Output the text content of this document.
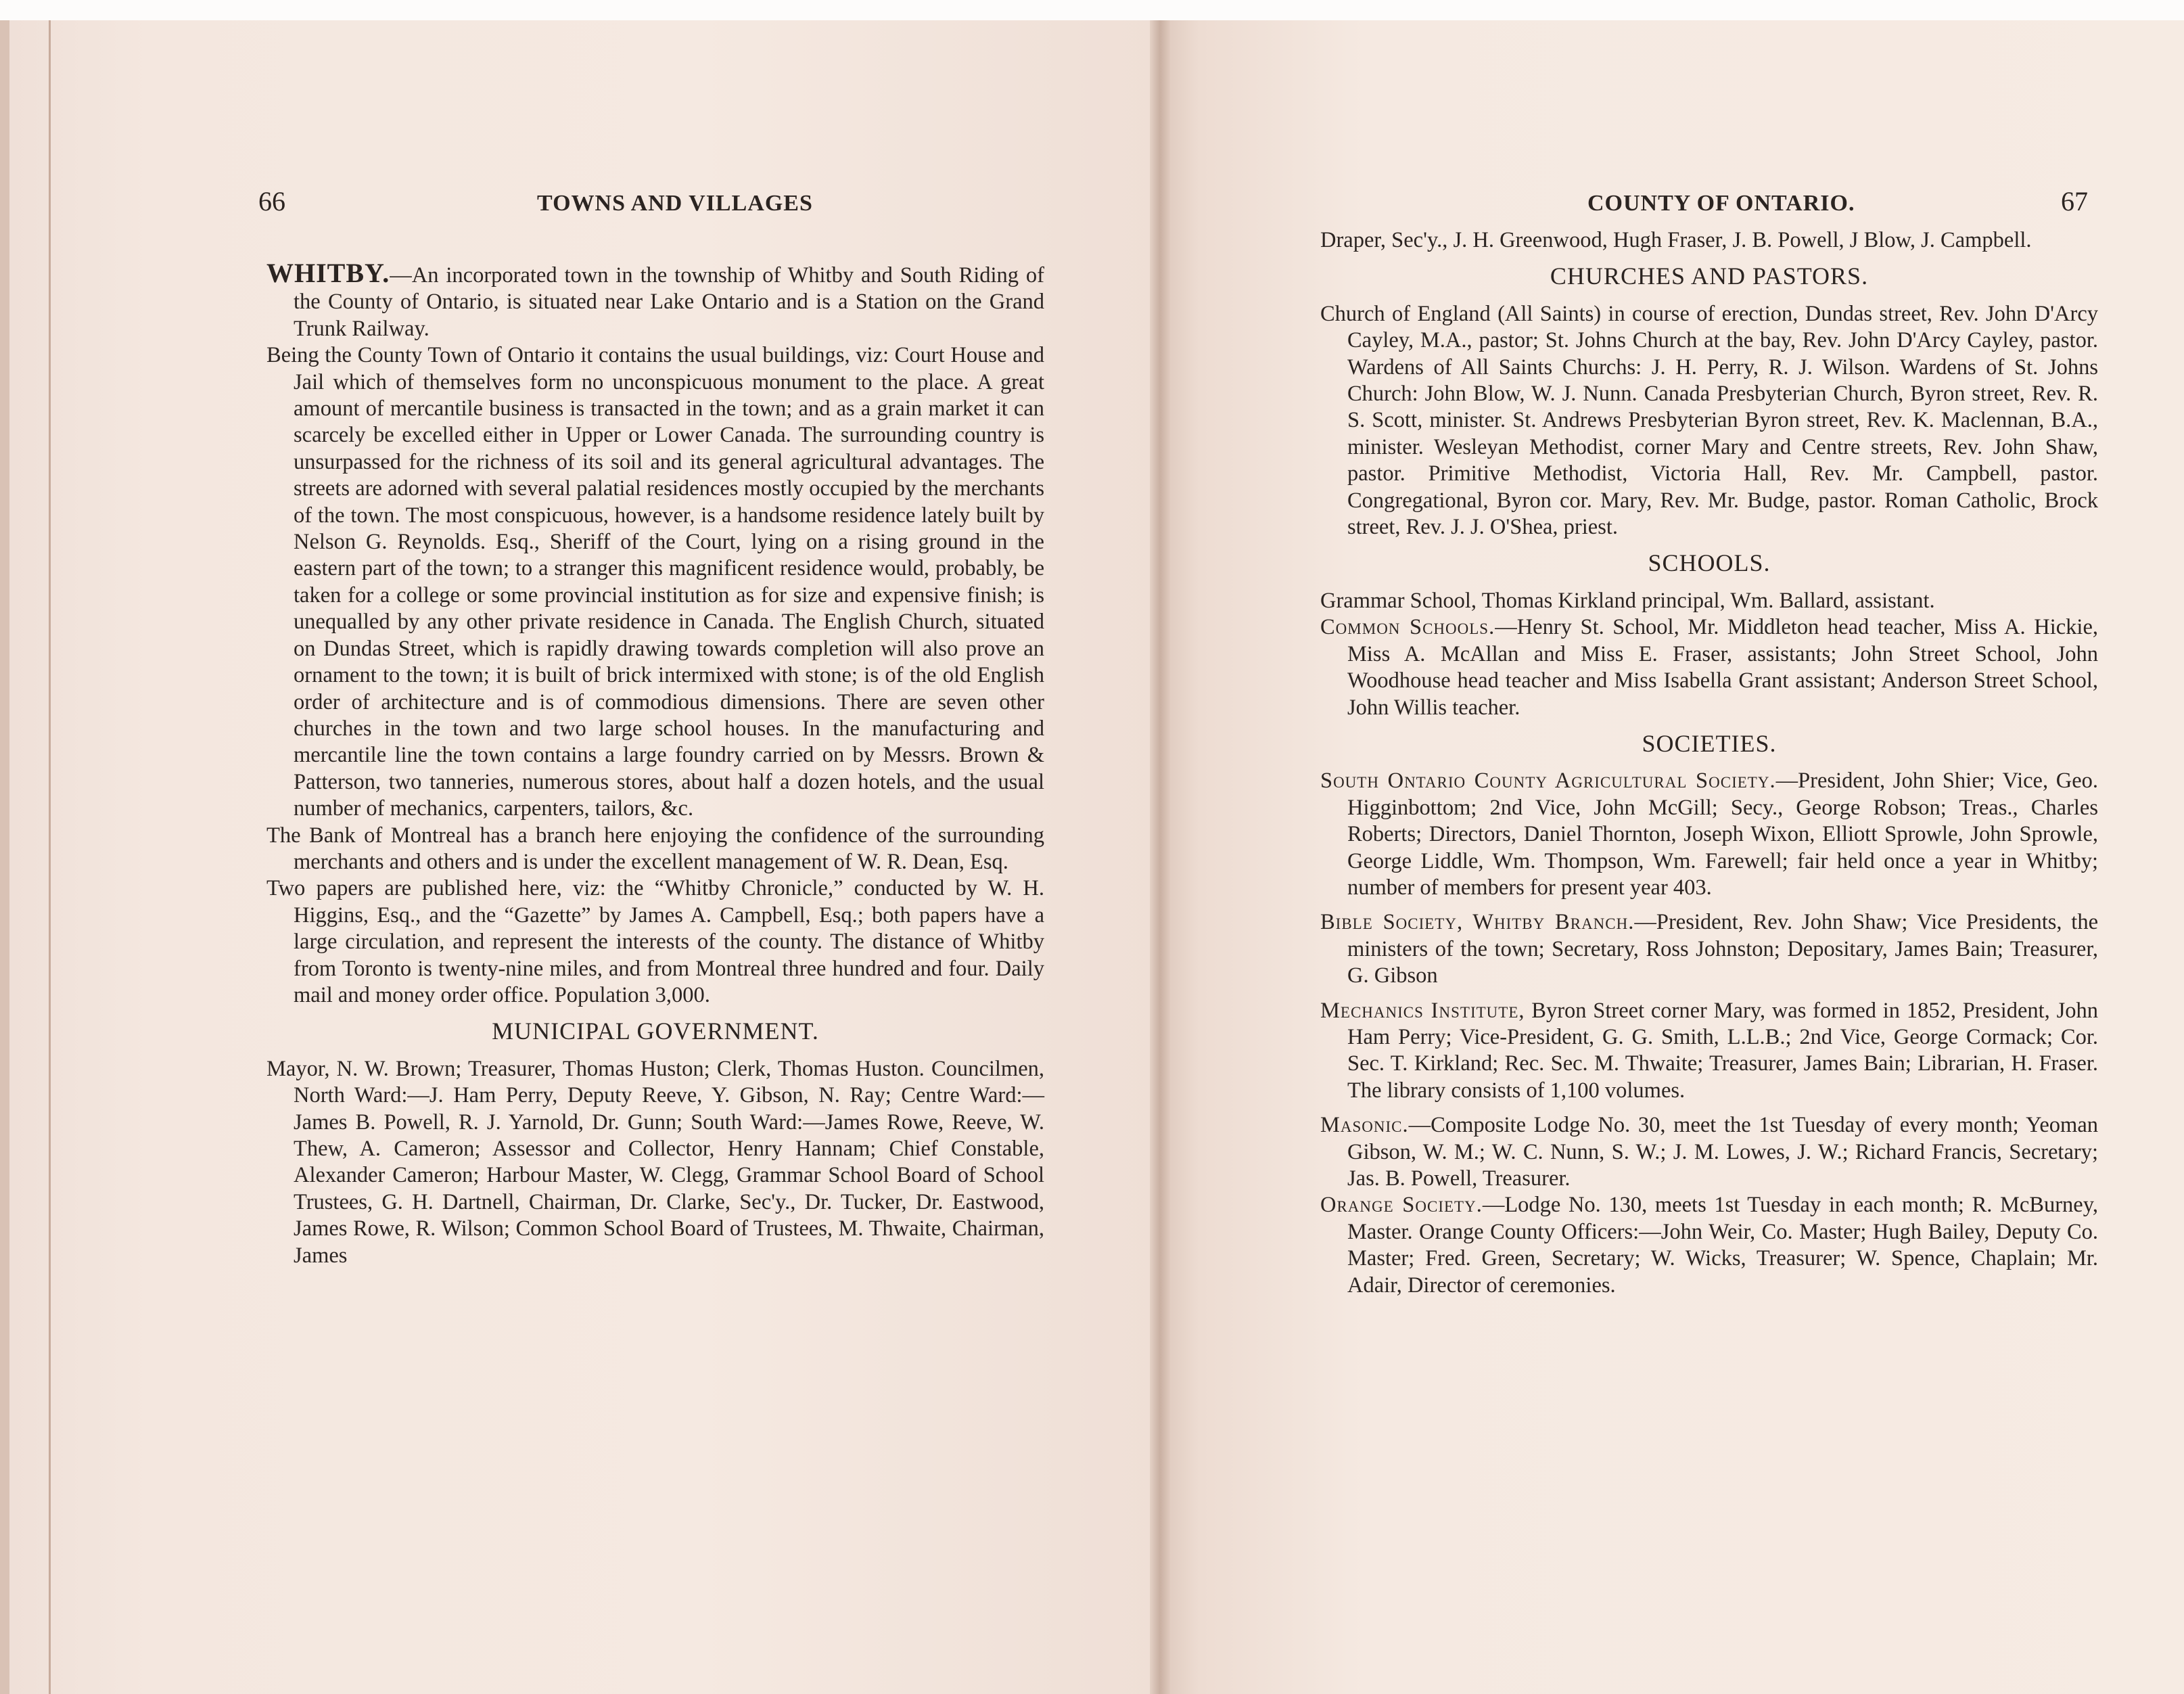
66	TOWNS AND VILLAGES

WHITBY.—An incorporated town in the township of Whitby and South Riding of the County of Ontario, is situated near Lake Ontario and is a Station on the Grand Trunk Railway.

Being the County Town of Ontario it contains the usual buildings, viz: Court House and Jail which of themselves form no unconspicuous monument to the place. A great amount of mercantile business is transacted in the town; and as a grain market it can scarcely be excelled either in Upper or Lower Canada. The surrounding country is unsurpassed for the richness of its soil and its general agricultural advantages. The streets are adorned with several palatial residences mostly occupied by the merchants of the town. The most conspicuous, however, is a handsome residence lately built by Nelson G. Reynolds. Esq., Sheriff of the Court, lying on a rising ground in the eastern part of the town; to a stranger this magnificent residence would, probably, be taken for a college or some provincial institution as for size and expensive finish; is unequalled by any other private residence in Canada. The English Church, situated on Dundas Street, which is rapidly drawing towards completion will also prove an ornament to the town; it is built of brick intermixed with stone; is of the old English order of architecture and is of commodious dimensions. There are seven other churches in the town and two large school houses. In the manufacturing and mercantile line the town contains a large foundry carried on by Messrs. Brown & Patterson, two tanneries, numerous stores, about half a dozen hotels, and the usual number of mechanics, carpenters, tailors, &c.

The Bank of Montreal has a branch here enjoying the confidence of the surrounding merchants and others and is under the excellent management of W. R. Dean, Esq.

Two papers are published here, viz: the “Whitby Chronicle,” conducted by W. H. Higgins, Esq., and the “Gazette” by James A. Campbell, Esq.; both papers have a large circulation, and represent the interests of the county. The distance of Whitby from Toronto is twenty-nine miles, and from Montreal three hundred and four. Daily mail and money order office. Population 3,000.

MUNICIPAL GOVERNMENT.

Mayor, N. W. Brown; Treasurer, Thomas Huston; Clerk, Thomas Huston. Councilmen, North Ward:—J. Ham Perry, Deputy Reeve, Y. Gibson, N. Ray; Centre Ward:—James B. Powell, R. J. Yarnold, Dr. Gunn; South Ward:—James Rowe, Reeve, W. Thew, A. Cameron; Assessor and Collector, Henry Hannam; Chief Constable, Alexander Cameron; Harbour Master, W. Clegg, Grammar School Board of School Trustees, G. H. Dartnell, Chairman, Dr. Clarke, Sec'y., Dr. Tucker, Dr. Eastwood, James Rowe, R. Wilson; Common School Board of Trustees, M. Thwaite, Chairman, James

COUNTY OF ONTARIO.	67

Draper, Sec'y., J. H. Greenwood, Hugh Fraser, J. B. Powell, J Blow, J. Campbell.

CHURCHES AND PASTORS.

Church of England (All Saints) in course of erection, Dundas street, Rev. John D'Arcy Cayley, M.A., pastor; St. Johns Church at the bay, Rev. John D'Arcy Cayley, pastor. Wardens of All Saints Churchs: J. H. Perry, R. J. Wilson. Wardens of St. Johns Church: John Blow, W. J. Nunn. Canada Presbyterian Church, Byron street, Rev. R. S. Scott, minister. St. Andrews Presbyterian Byron street, Rev. K. Maclennan, B.A., minister. Wesleyan Methodist, corner Mary and Centre streets, Rev. John Shaw, pastor. Primitive Methodist, Victoria Hall, Rev. Mr. Campbell, pastor. Congregational, Byron cor. Mary, Rev. Mr. Budge, pastor. Roman Catholic, Brock street, Rev. J. J. O'Shea, priest.

SCHOOLS.

Grammar School, Thomas Kirkland principal, Wm. Ballard, assistant.

Common Schools.—Henry St. School, Mr. Middleton head teacher, Miss A. Hickie, Miss A. McAllan and Miss E. Fraser, assistants; John Street School, John Woodhouse head teacher and Miss Isabella Grant assistant; Anderson Street School, John Willis teacher.

SOCIETIES.

South Ontario County Agricultural Society.—President, John Shier; Vice, Geo. Higginbottom; 2nd Vice, John McGill; Secy., George Robson; Treas., Charles Roberts; Directors, Daniel Thornton, Joseph Wixon, Elliott Sprowle, John Sprowle, George Liddle, Wm. Thompson, Wm. Farewell; fair held once a year in Whitby; number of members for present year 403.

Bible Society, Whitby Branch.—President, Rev. John Shaw; Vice Presidents, the ministers of the town; Secretary, Ross Johnston; Depositary, James Bain; Treasurer, G. Gibson

Mechanics Institute, Byron Street corner Mary, was formed in 1852, President, John Ham Perry; Vice-President, G. G. Smith, L.L.B.; 2nd Vice, George Cormack; Cor. Sec. T. Kirkland; Rec. Sec. M. Thwaite; Treasurer, James Bain; Librarian, H. Fraser. The library consists of 1,100 volumes.

Masonic.—Composite Lodge No. 30, meet the 1st Tuesday of every month; Yeoman Gibson, W. M.; W. C. Nunn, S. W.; J. M. Lowes, J. W.; Richard Francis, Secretary; Jas. B. Powell, Treasurer.

Orange Society.—Lodge No. 130, meets 1st Tuesday in each month; R. McBurney, Master. Orange County Officers:—John Weir, Co. Master; Hugh Bailey, Deputy Co. Master; Fred. Green, Secretary; W. Wicks, Treasurer; W. Spence, Chaplain; Mr. Adair, Director of ceremonies.
